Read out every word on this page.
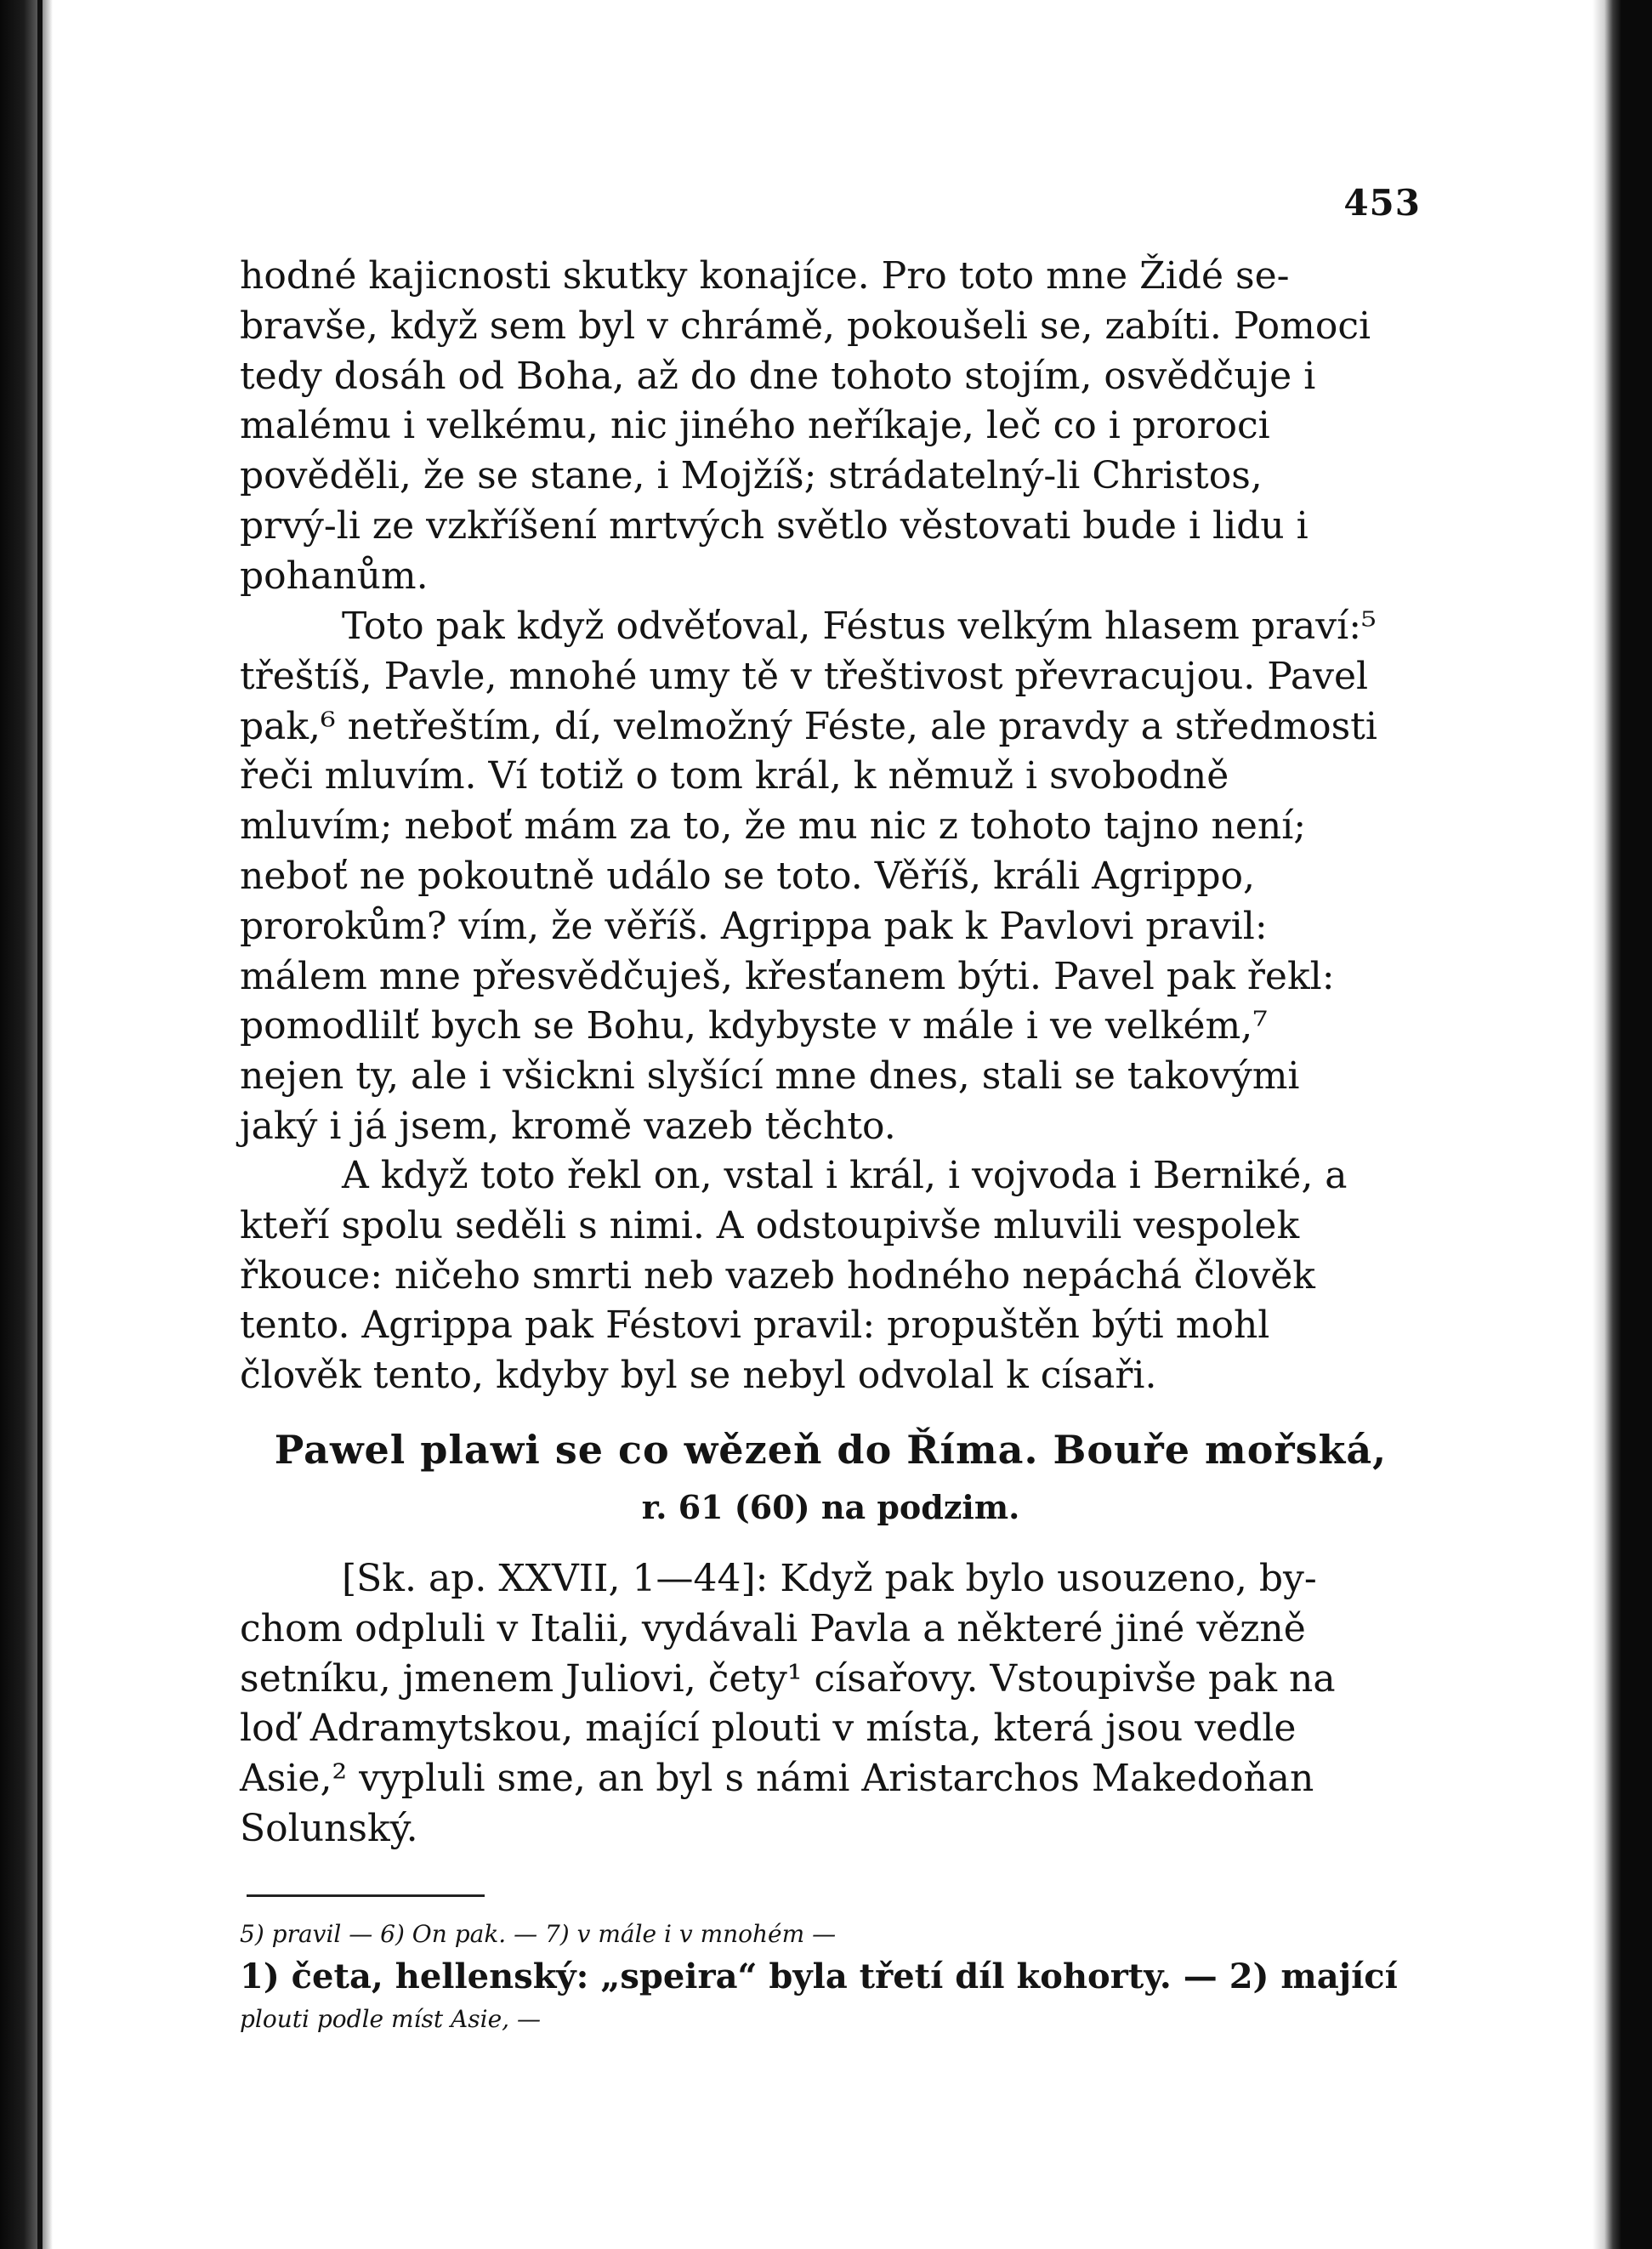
453
hodné kajicnosti skutky konajíce. Pro toto mne Židé se-
bravše, když sem byl v chrámě, pokoušeli se, zabíti. Pomoci
tedy dosáh od Boha, až do dne tohoto stojím, osvědčuje i
malému i velkému, nic jiného neříkaje, leč co i proroci
pověděli, že se stane, i Mojžíš; strádatelný-li Christos,
prvý-li ze vzkříšení mrtvých světlo věstovati bude i lidu i
pohanům.
Toto pak když odvěťoval, Féstus velkým hlasem praví:⁵
třeštíš, Pavle, mnohé umy tě v třeštivost převracujou. Pavel
pak,⁶ netřeštím, dí, velmožný Féste, ale pravdy a středmosti
řeči mluvím. Ví totiž o tom král, k němuž i svobodně
mluvím; neboť mám za to, že mu nic z tohoto tajno není;
neboť ne pokoutně událo se toto. Věříš, králi Agrippo,
prorokům? vím, že věříš. Agrippa pak k Pavlovi pravil:
málem mne přesvědčuješ, křesťanem býti. Pavel pak řekl:
pomodlilť bych se Bohu, kdybyste v mále i ve velkém,⁷
nejen ty, ale i všickni slyšící mne dnes, stali se takovými
jaký i já jsem, kromě vazeb těchto.
A když toto řekl on, vstal i král, i vojvoda i Berniké, a
kteří spolu seděli s nimi. A odstoupivše mluvili vespolek
řkouce: ničeho smrti neb vazeb hodného nepáchá člověk
tento. Agrippa pak Féstovi pravil: propuštěn býti mohl
člověk tento, kdyby byl se nebyl odvolal k císaři.
Pawel plawi se co wězeň do Říma. Bouře mořská,
r. 61 (60) na podzim.
[Sk. ap. XXVII, 1—44]: Když pak bylo usouzeno, by-
chom odpluli v Italii, vydávali Pavla a některé jiné vězně
setníku, jmenem Juliovi, čety¹ císařovy. Vstoupivše pak na
loď Adramytskou, mající plouti v místa, která jsou vedle
Asie,² vypluli sme, an byl s námi Aristarchos Makedoňan
Solunský.
5) pravil — 6) On pak. — 7) v mále i v mnohém —
1) četa, hellenský: „speira“ byla třetí díl kohorty. — 2) mající
plouti podle míst Asie, —
